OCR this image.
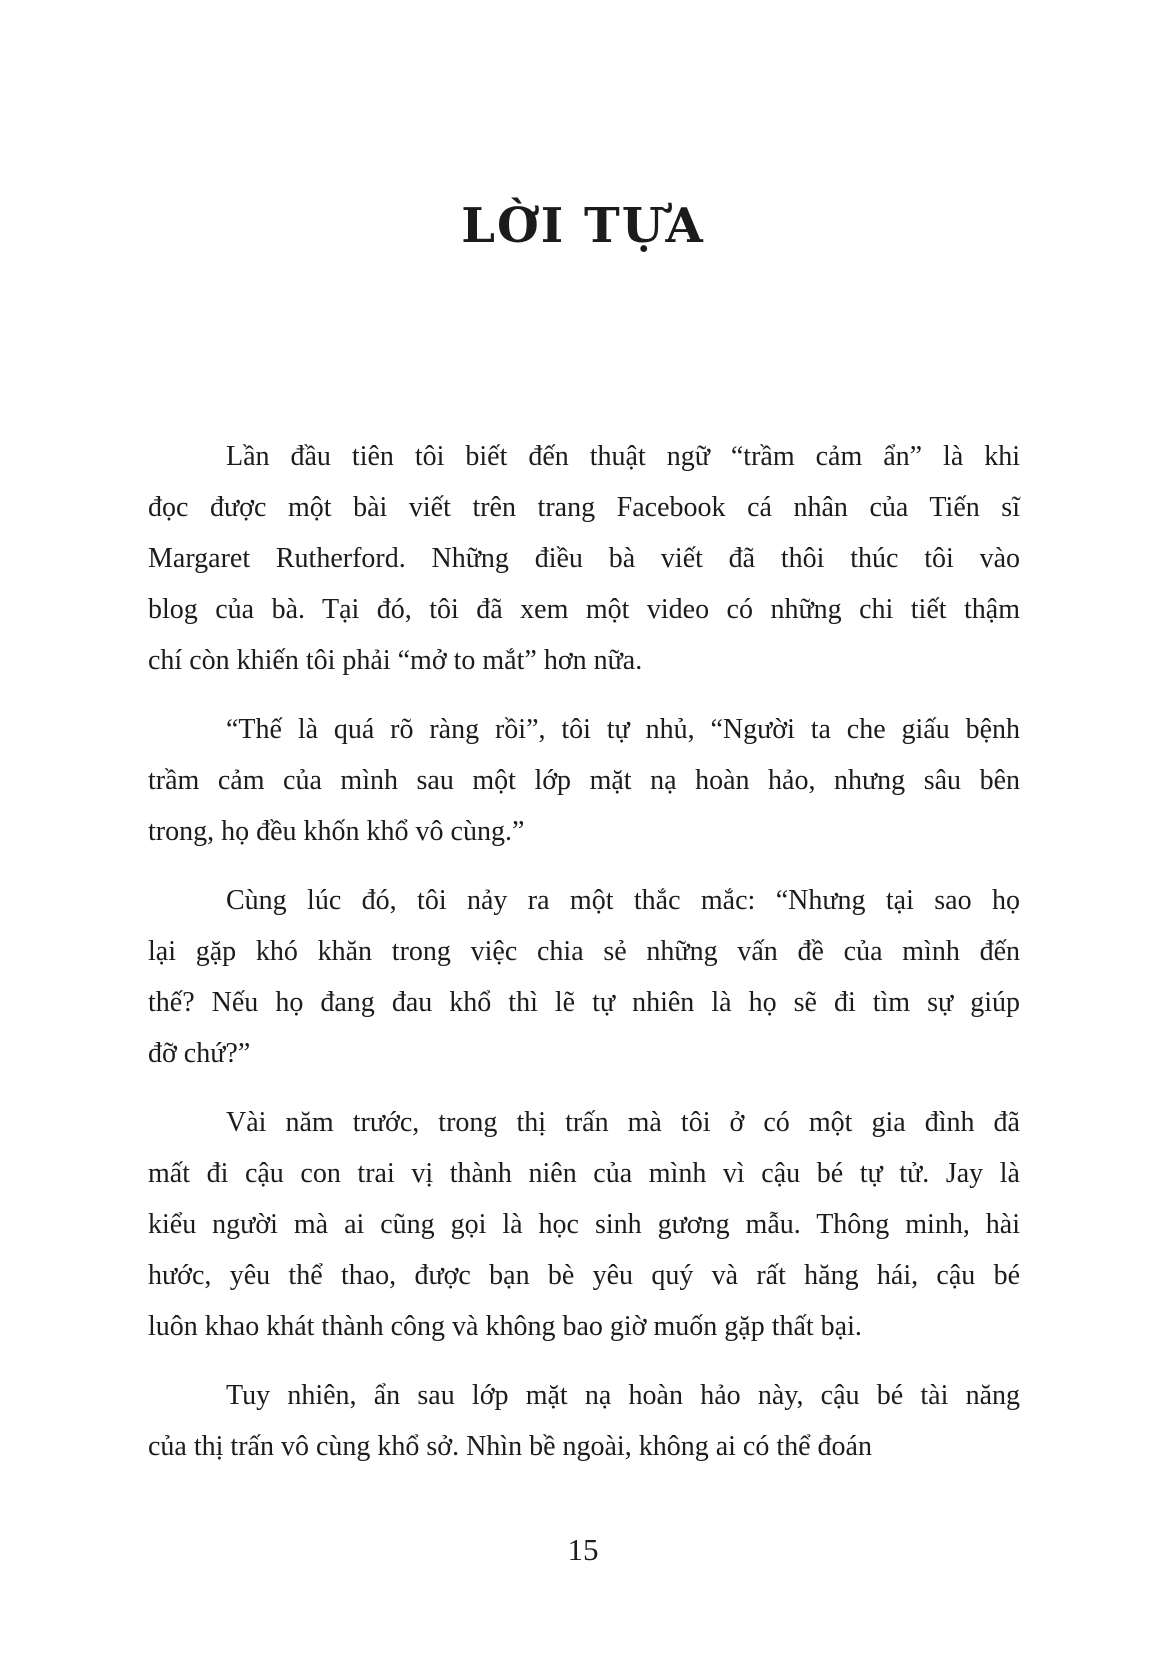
LỜI TỰA
Lần đầu tiên tôi biết đến thuật ngữ “trầm cảm ẩn” là khi
đọc được một bài viết trên trang Facebook cá nhân của Tiến sĩ
Margaret Rutherford. Những điều bà viết đã thôi thúc tôi vào
blog của bà. Tại đó, tôi đã xem một video có những chi tiết thậm
chí còn khiến tôi phải “mở to mắt” hơn nữa.
“Thế là quá rõ ràng rồi”, tôi tự nhủ, “Người ta che giấu bệnh
trầm cảm của mình sau một lớp mặt nạ hoàn hảo, nhưng sâu bên
trong, họ đều khốn khổ vô cùng.”
Cùng lúc đó, tôi nảy ra một thắc mắc: “Nhưng tại sao họ
lại gặp khó khăn trong việc chia sẻ những vấn đề của mình đến
thế? Nếu họ đang đau khổ thì lẽ tự nhiên là họ sẽ đi tìm sự giúp
đỡ chứ?”
Vài năm trước, trong thị trấn mà tôi ở có một gia đình đã
mất đi cậu con trai vị thành niên của mình vì cậu bé tự tử. Jay là
kiểu người mà ai cũng gọi là học sinh gương mẫu. Thông minh, hài
hước, yêu thể thao, được bạn bè yêu quý và rất hăng hái, cậu bé
luôn khao khát thành công và không bao giờ muốn gặp thất bại.
Tuy nhiên, ẩn sau lớp mặt nạ hoàn hảo này, cậu bé tài năng
của thị trấn vô cùng khổ sở. Nhìn bề ngoài, không ai có thể đoán
15
